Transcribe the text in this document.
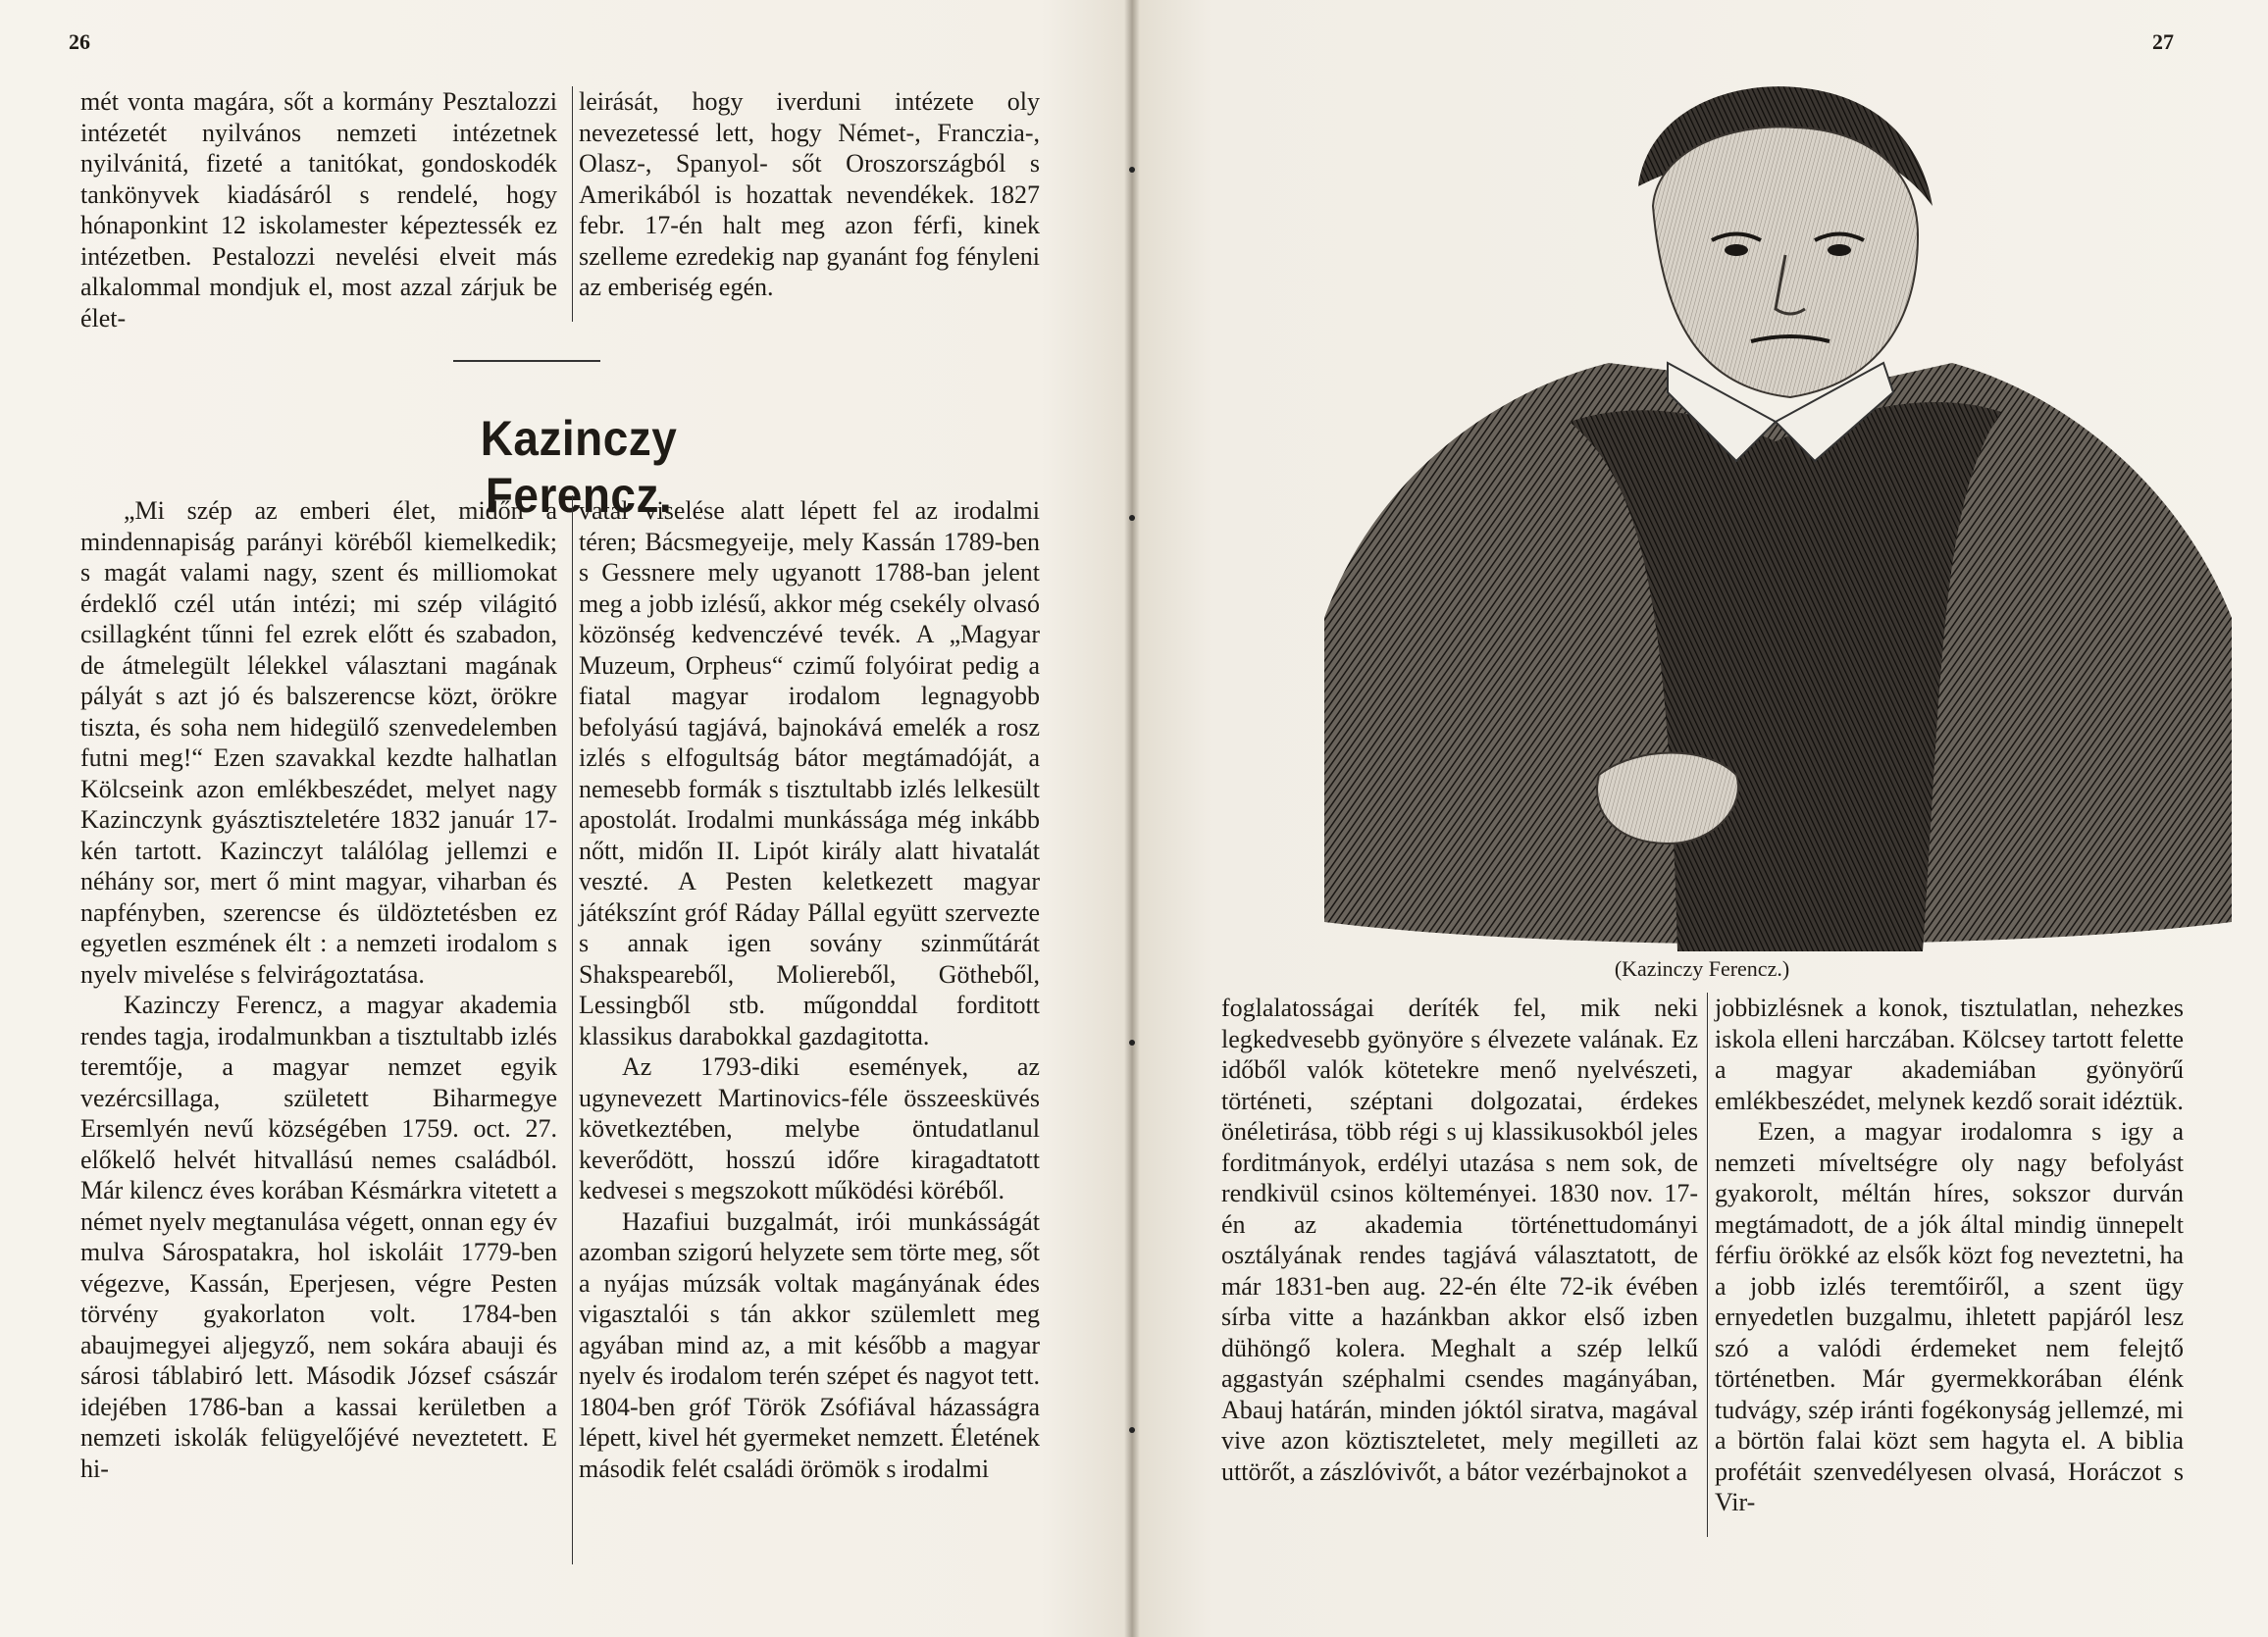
26

mét vonta magára, sőt a kormány Pesztalozzi intézetét nyilvános nemzeti intézetnek nyilvánitá, fizeté a tanitókat, gondoskodék tankönyvek kiadásáról s rendelé, hogy hónaponkint 12 iskolamester képeztessék ez intézetben. Pestalozzi nevelési elveit más alkalommal mondjuk el, most azzal zárjuk be élet-

leirását, hogy iverduni intézete oly nevezetessé lett, hogy Német-, Franczia-, Olasz-, Spanyol- sőt Oroszországból s Amerikából is hozattak nevendékek. 1827 febr. 17-én halt meg azon férfi, kinek szelleme ezredekig nap gyanánt fog fényleni az emberiség egén.

Kazinczy Ferencz.

„Mi szép az emberi élet, midőn a mindennapiság parányi köréből kiemelkedik; s magát valami nagy, szent és milliomokat érdeklő czél után intézi; mi szép világitó csillagként tűnni fel ezrek előtt és szabadon, de átmelegült lélekkel választani magának pályát s azt jó és balszerencse közt, örökre tiszta, és soha nem hidegülő szenvedelemben futni meg!“ Ezen szavakkal kezdte halhatlan Kölcseink azon emlékbeszédet, melyet nagy Kazinczynk gyásztiszteletére 1832 január 17-kén tartott. Kazinczyt találólag jellemzi e néhány sor, mert ő mint magyar, viharban és napfényben, szerencse és üldöztetésben ez egyetlen eszmének élt : a nemzeti irodalom s nyelv mivelése s felvirágoztatása.

Kazinczy Ferencz, a magyar akademia rendes tagja, irodalmunkban a tisztultabb izlés teremtője, a magyar nemzet egyik vezércsillaga, született Biharmegye Ersemlyén nevű községében 1759. oct. 27. előkelő helvét hitvallású nemes családból. Már kilencz éves korában Késmárkra vitetett a német nyelv megtanulása végett, onnan egy év mulva Sárospatakra, hol iskoláit 1779-ben végezve, Kassán, Eperjesen, végre Pesten törvény gyakorlaton volt. 1784-ben abaujmegyei aljegyző, nem sokára abauji és sárosi táblabiró lett. Második József császár idejében 1786-ban a kassai kerületben a nemzeti iskolák felügyelőjévé neveztetett. E hi-

vatal viselése alatt lépett fel az irodalmi téren; Bácsmegyeije, mely Kassán 1789-ben s Gessnere mely ugyanott 1788-ban jelent meg a jobb izlésű, akkor még csekély olvasó közönség kedvenczévé tevék. A „Magyar Muzeum, Orpheus“ czimű folyóirat pedig a fiatal magyar irodalom legnagyobb befolyású tagjává, bajnokává emelék a rosz izlés s elfogultság bátor megtámadóját, a nemesebb formák s tisztultabb izlés lelkesült apostolát. Irodalmi munkássága még inkább nőtt, midőn II. Lipót király alatt hivatalát veszté. A Pesten keletkezett magyar játékszínt gróf Ráday Pállal együtt szervezte s annak igen sovány szinműtárát Shakspeareből, Moliereből, Götheből, Lessingből stb. műgonddal forditott klassikus darabokkal gazdagitotta.

Az 1793-diki események, az ugynevezett Martinovics-féle összeesküvés következtében, melybe öntudatlanul keverődött, hosszú időre kiragadtatott kedvesei s megszokott működési köréből.

Hazafiui buzgalmát, irói munkásságát azomban szigorú helyzete sem törte meg, sőt a nyájas múzsák voltak magányának édes vigasztalói s tán akkor szülemlett meg agyában mind az, a mit később a magyar nyelv és irodalom terén szépet és nagyot tett. 1804-ben gróf Török Zsófiával házasságra lépett, kivel hét gyermeket nemzett. Életének második felét családi örömök s irodalmi

27
(Kazinczy Ferencz.)

foglalatosságai deríték fel, mik neki legkedvesebb gyönyöre s élvezete valának. Ez időből valók kötetekre menő nyelvészeti, történeti, széptani dolgozatai, érdekes önéletirása, több régi s uj klassikusokból jeles forditmányok, erdélyi utazása s nem sok, de rendkivül csinos költeményei. 1830 nov. 17-én az akademia történettudományi osztályának rendes tagjává választatott, de már 1831-ben aug. 22-én élte 72-ik évében sírba vitte a hazánkban akkor első izben dühöngő kolera. Meghalt a szép lelkű aggastyán széphalmi csendes magányában, Abauj határán, minden jóktól siratva, magával vive azon köztiszteletet, mely megilleti az uttörőt, a zászlóvivőt, a bátor vezérbajnokot a

jobbizlésnek a konok, tisztulatlan, nehezkes iskola elleni harczában. Kölcsey tartott felette a magyar akademiában gyönyörű emlékbeszédet, melynek kezdő sorait idéztük.

Ezen, a magyar irodalomra s igy a nemzeti míveltségre oly nagy befolyást gyakorolt, méltán híres, sokszor durván megtámadott, de a jók által mindig ünnepelt férfiu örökké az elsők közt fog neveztetni, ha a jobb izlés teremtőiről, a szent ügy ernyedetlen buzgalmu, ihletett papjáról lesz szó a valódi érdemeket nem felejtő történetben. Már gyermekkorában élénk tudvágy, szép iránti fogékonyság jellemzé, mi a börtön falai közt sem hagyta el. A biblia profétáit szenvedélyesen olvasá, Horáczot s Vir-
